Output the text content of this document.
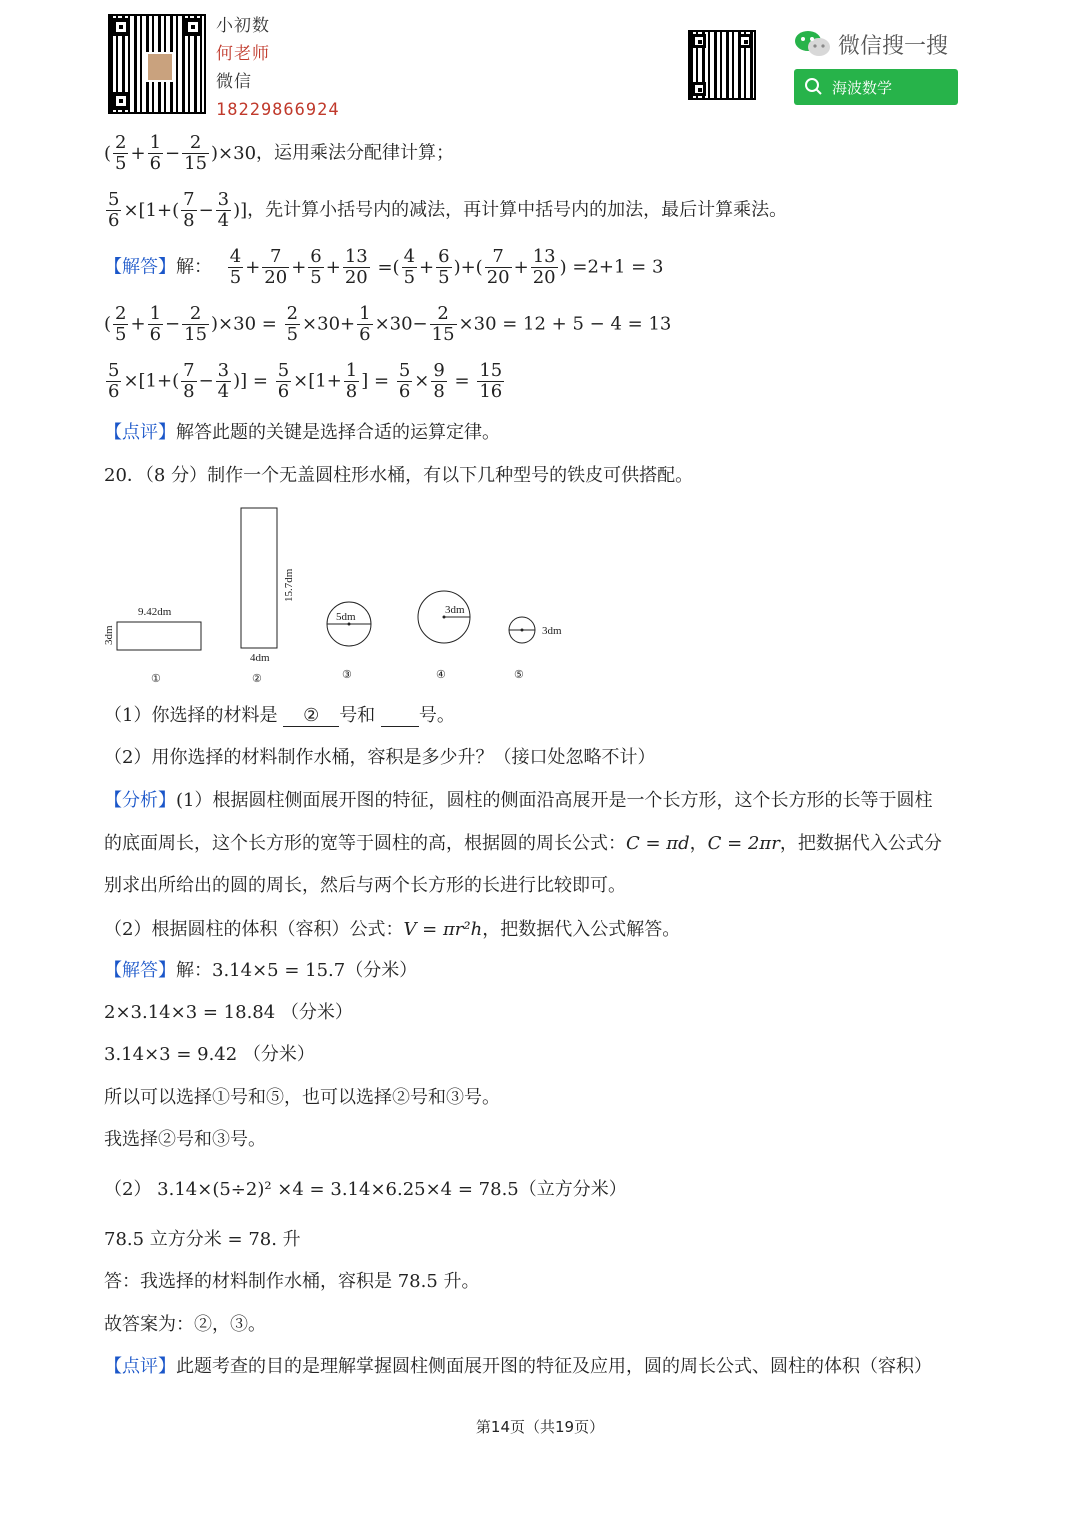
小初数
何老师
微信
18229866924
微信搜一搜
海波数学
( $\frac{2}{5} + \frac{1}{6} - \frac{2}{15} )\times 30$，运用乘法分配律计算；
$\frac{5}{6} \times[1+( \frac{7}{8} - \frac{3}{4}$ )]，先计算小括号内的减法，再计算中括号内的加法，最后计算乘法。
【解答】解： $\frac{4}{5} + \frac{7}{20} + \frac{6}{5} + \frac{13}{20}$ =( $\frac{4}{5} + \frac{6}{5}$ )+( $\frac{7}{20} + \frac{13}{20}$ ) =2+1 = 3
( $\frac{2}{5} + \frac{1}{6} - \frac{2}{15} )\times 30 = \frac{2}{5} \times 30+ \frac{1}{6} \times 30- \frac{2}{15} \times 30 = 12 + 5 - 4 = 13$
$\frac{5}{6} \times[1+( \frac{7}{8} - \frac{3}{4}$ )] = $\frac{5}{6} \times[1+ \frac{1}{8}$ ] = $\frac{5}{6} \times \frac{9}{8} = \frac{15}{16}$
【点评】解答此题的关键是选择合适的运算定律。
20．（8 分）制作一个无盖圆柱形水桶，有以下几种型号的铁皮可供搭配。
9.42dm
3dm
①
15.7dm
4dm
②
5dm
③
3dm
④
3dm
⑤
（1）你选择的材料是 ② 号和 号。
（2）用你选择的材料制作水桶，容积是多少升？（接口处忽略不计）
【分析】(1）根据圆柱侧面展开图的特征，圆柱的侧面沿高展开是一个长方形，这个长方形的长等于圆柱
的底面周长，这个长方形的宽等于圆柱的高，根据圆的周长公式：C = πd，C = 2πr，把数据代入公式分
别求出所给出的圆的周长，然后与两个长方形的长进行比较即可。
（2）根据圆柱的体积（容积）公式：V = πr²h，把数据代入公式解答。
【解答】解：3.14×5 = 15.7（分米）
2×3.14×3 = 18.84 （分米）
3.14×3 = 9.42 （分米）
所以可以选择①号和⑤，也可以选择②号和③号。
我选择②号和③号。
（2） 3.14×(5÷2)² ×4 = 3.14×6.25×4 = 78.5（立方分米）
78.5 立方分米 = 78. 升
答：我选择的材料制作水桶，容积是 78.5 升。
故答案为：②，③。
【点评】此题考查的目的是理解掌握圆柱侧面展开图的特征及应用，圆的周长公式、圆柱的体积（容积）
第14页（共19页）
